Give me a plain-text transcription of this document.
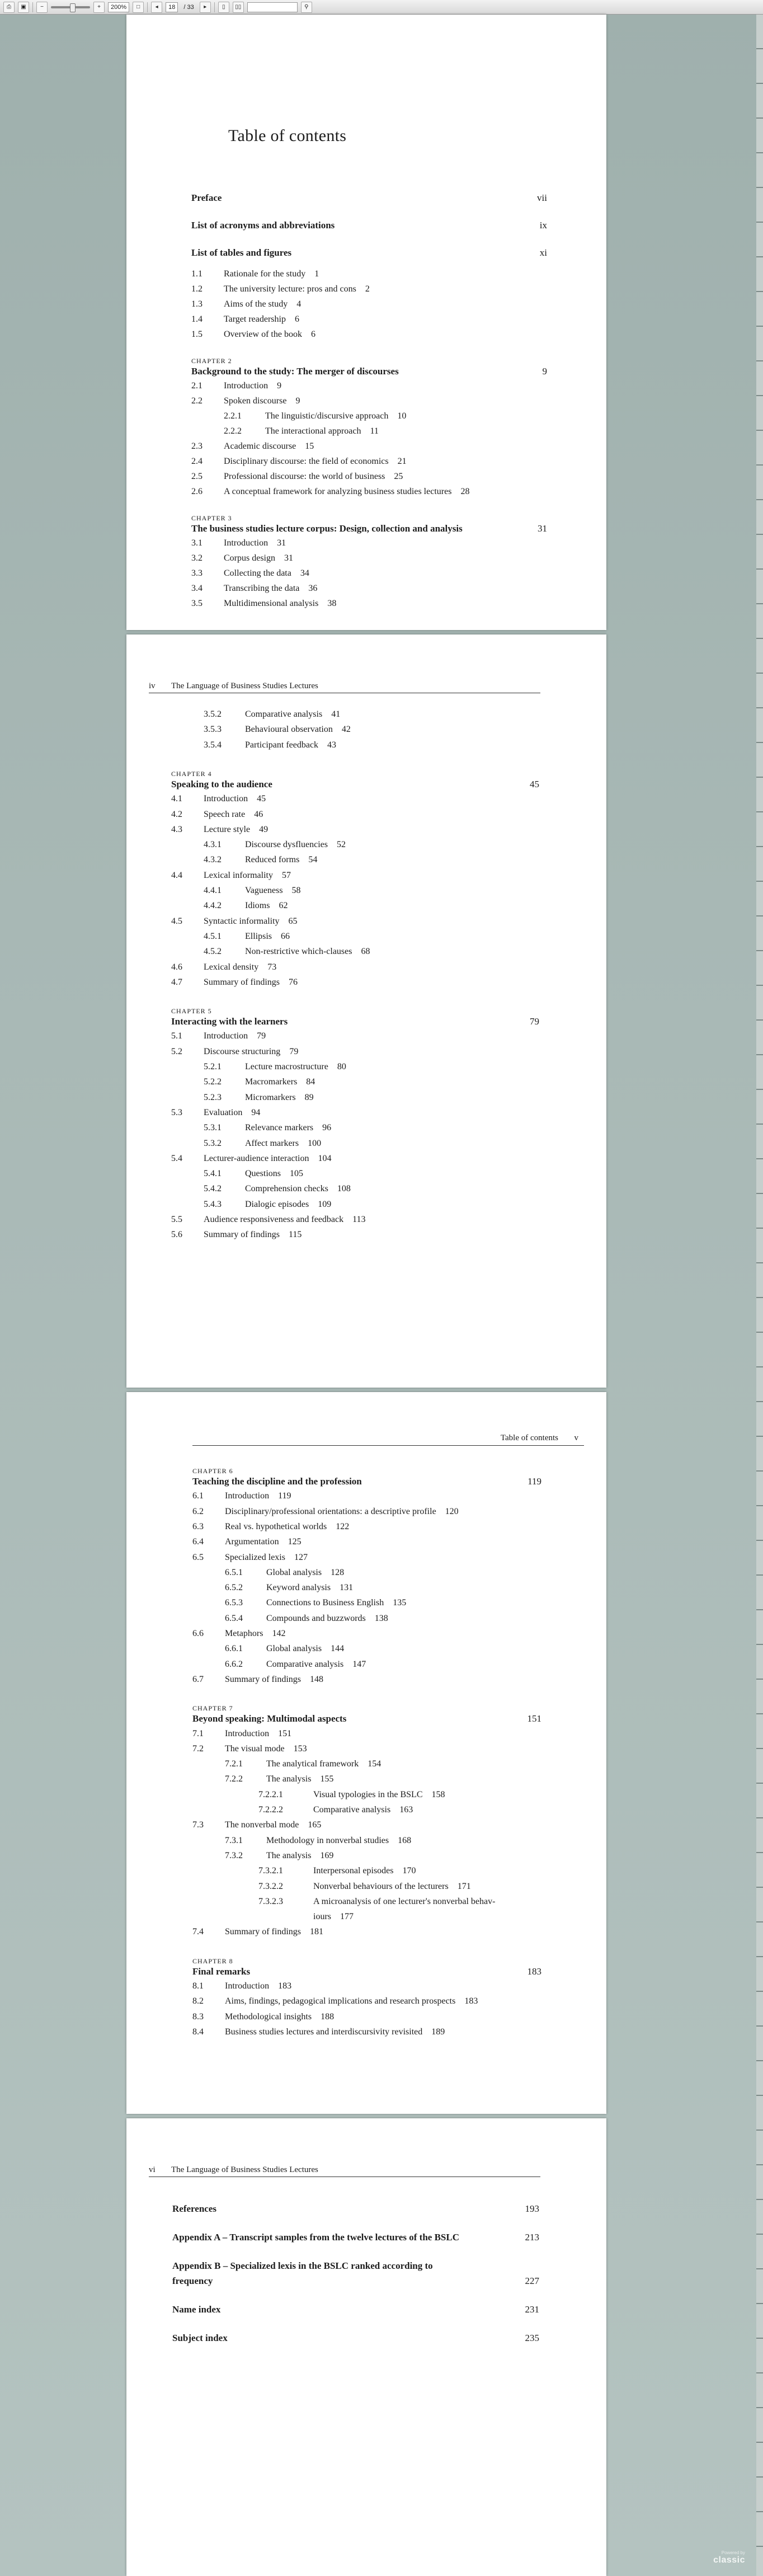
⎙	▣	−	+	200%	□	◂	18	/ 33	▸	▯	▯▯	⚲
Table of contents
Preface	vii
List of acronyms and abbreviations	ix
List of tables and figures	xi
1.1 Rationale for the study 1
1.2 The university lecture: pros and cons 2
1.3 Aims of the study 4
1.4 Target readership 6
1.5 Overview of the book 6
CHAPTER 2
Background to the study: The merger of discourses	9
2.1 Introduction 9
2.2 Spoken discourse 9
2.2.1	The linguistic/discursive approach 10
2.2.2	The interactional approach 11
2.3 Academic discourse 15
2.4 Disciplinary discourse: the field of economics 21
2.5 Professional discourse: the world of business 25
2.6 A conceptual framework for analyzing business studies lectures 28
CHAPTER 3
The business studies lecture corpus: Design, collection and analysis	31
3.1 Introduction 31
3.2 Corpus design 31
3.3 Collecting the data 34
3.4 Transcribing the data 36
3.5 Multidimensional analysis 38
iv The Language of Business Studies Lectures
3.5.2	Comparative analysis 41
3.5.3	Behavioural observation 42
3.5.4	Participant feedback 43
CHAPTER 4
Speaking to the audience	45
4.1 Introduction 45
4.2 Speech rate 46
4.3 Lecture style 49
4.3.1	Discourse dysfluencies 52
4.3.2	Reduced forms 54
4.4 Lexical informality 57
4.4.1	Vagueness 58
4.4.2	Idioms 62
4.5 Syntactic informality 65
4.5.1	Ellipsis 66
4.5.2	Non-restrictive which-clauses 68
4.6 Lexical density 73
4.7 Summary of findings 76
CHAPTER 5
Interacting with the learners	79
5.1 Introduction 79
5.2 Discourse structuring 79
5.2.1	Lecture macrostructure 80
5.2.2	Macromarkers 84
5.2.3	Micromarkers 89
5.3 Evaluation 94
5.3.1	Relevance markers 96
5.3.2	Affect markers 100
5.4 Lecturer-audience interaction 104
5.4.1	Questions 105
5.4.2	Comprehension checks 108
5.4.3	Dialogic episodes 109
5.5 Audience responsiveness and feedback 113
5.6 Summary of findings 115
Table of contents v
CHAPTER 6
Teaching the discipline and the profession	119
6.1 Introduction 119
6.2 Disciplinary/professional orientations: a descriptive profile 120
6.3 Real vs. hypothetical worlds 122
6.4 Argumentation 125
6.5 Specialized lexis 127
6.5.1	Global analysis 128
6.5.2	Keyword analysis 131
6.5.3	Connections to Business English 135
6.5.4	Compounds and buzzwords 138
6.6 Metaphors 142
6.6.1	Global analysis 144
6.6.2	Comparative analysis 147
6.7 Summary of findings 148
CHAPTER 7
Beyond speaking: Multimodal aspects	151
7.1 Introduction 151
7.2 The visual mode 153
7.2.1	The analytical framework 154
7.2.2	The analysis 155
7.2.2.1	Visual typologies in the BSLC 158
7.2.2.2	Comparative analysis 163
7.3 The nonverbal mode 165
7.3.1	Methodology in nonverbal studies 168
7.3.2	The analysis 169
7.3.2.1	Interpersonal episodes 170
7.3.2.2	Nonverbal behaviours of the lecturers 171
7.3.2.3	A microanalysis of one lecturer's nonverbal behav-
iours 177
7.4 Summary of findings 181
CHAPTER 8
Final remarks	183
8.1 Introduction 183
8.2 Aims, findings, pedagogical implications and research prospects 183
8.3 Methodological insights 188
8.4 Business studies lectures and interdiscursivity revisited 189
vi The Language of Business Studies Lectures
References	193
Appendix A – Transcript samples from the twelve lectures of the BSLC	213
Appendix B – Specialized lexis in the BSLC ranked according to
frequency	227
Name index	231
Subject index	235
Powered by
classic
